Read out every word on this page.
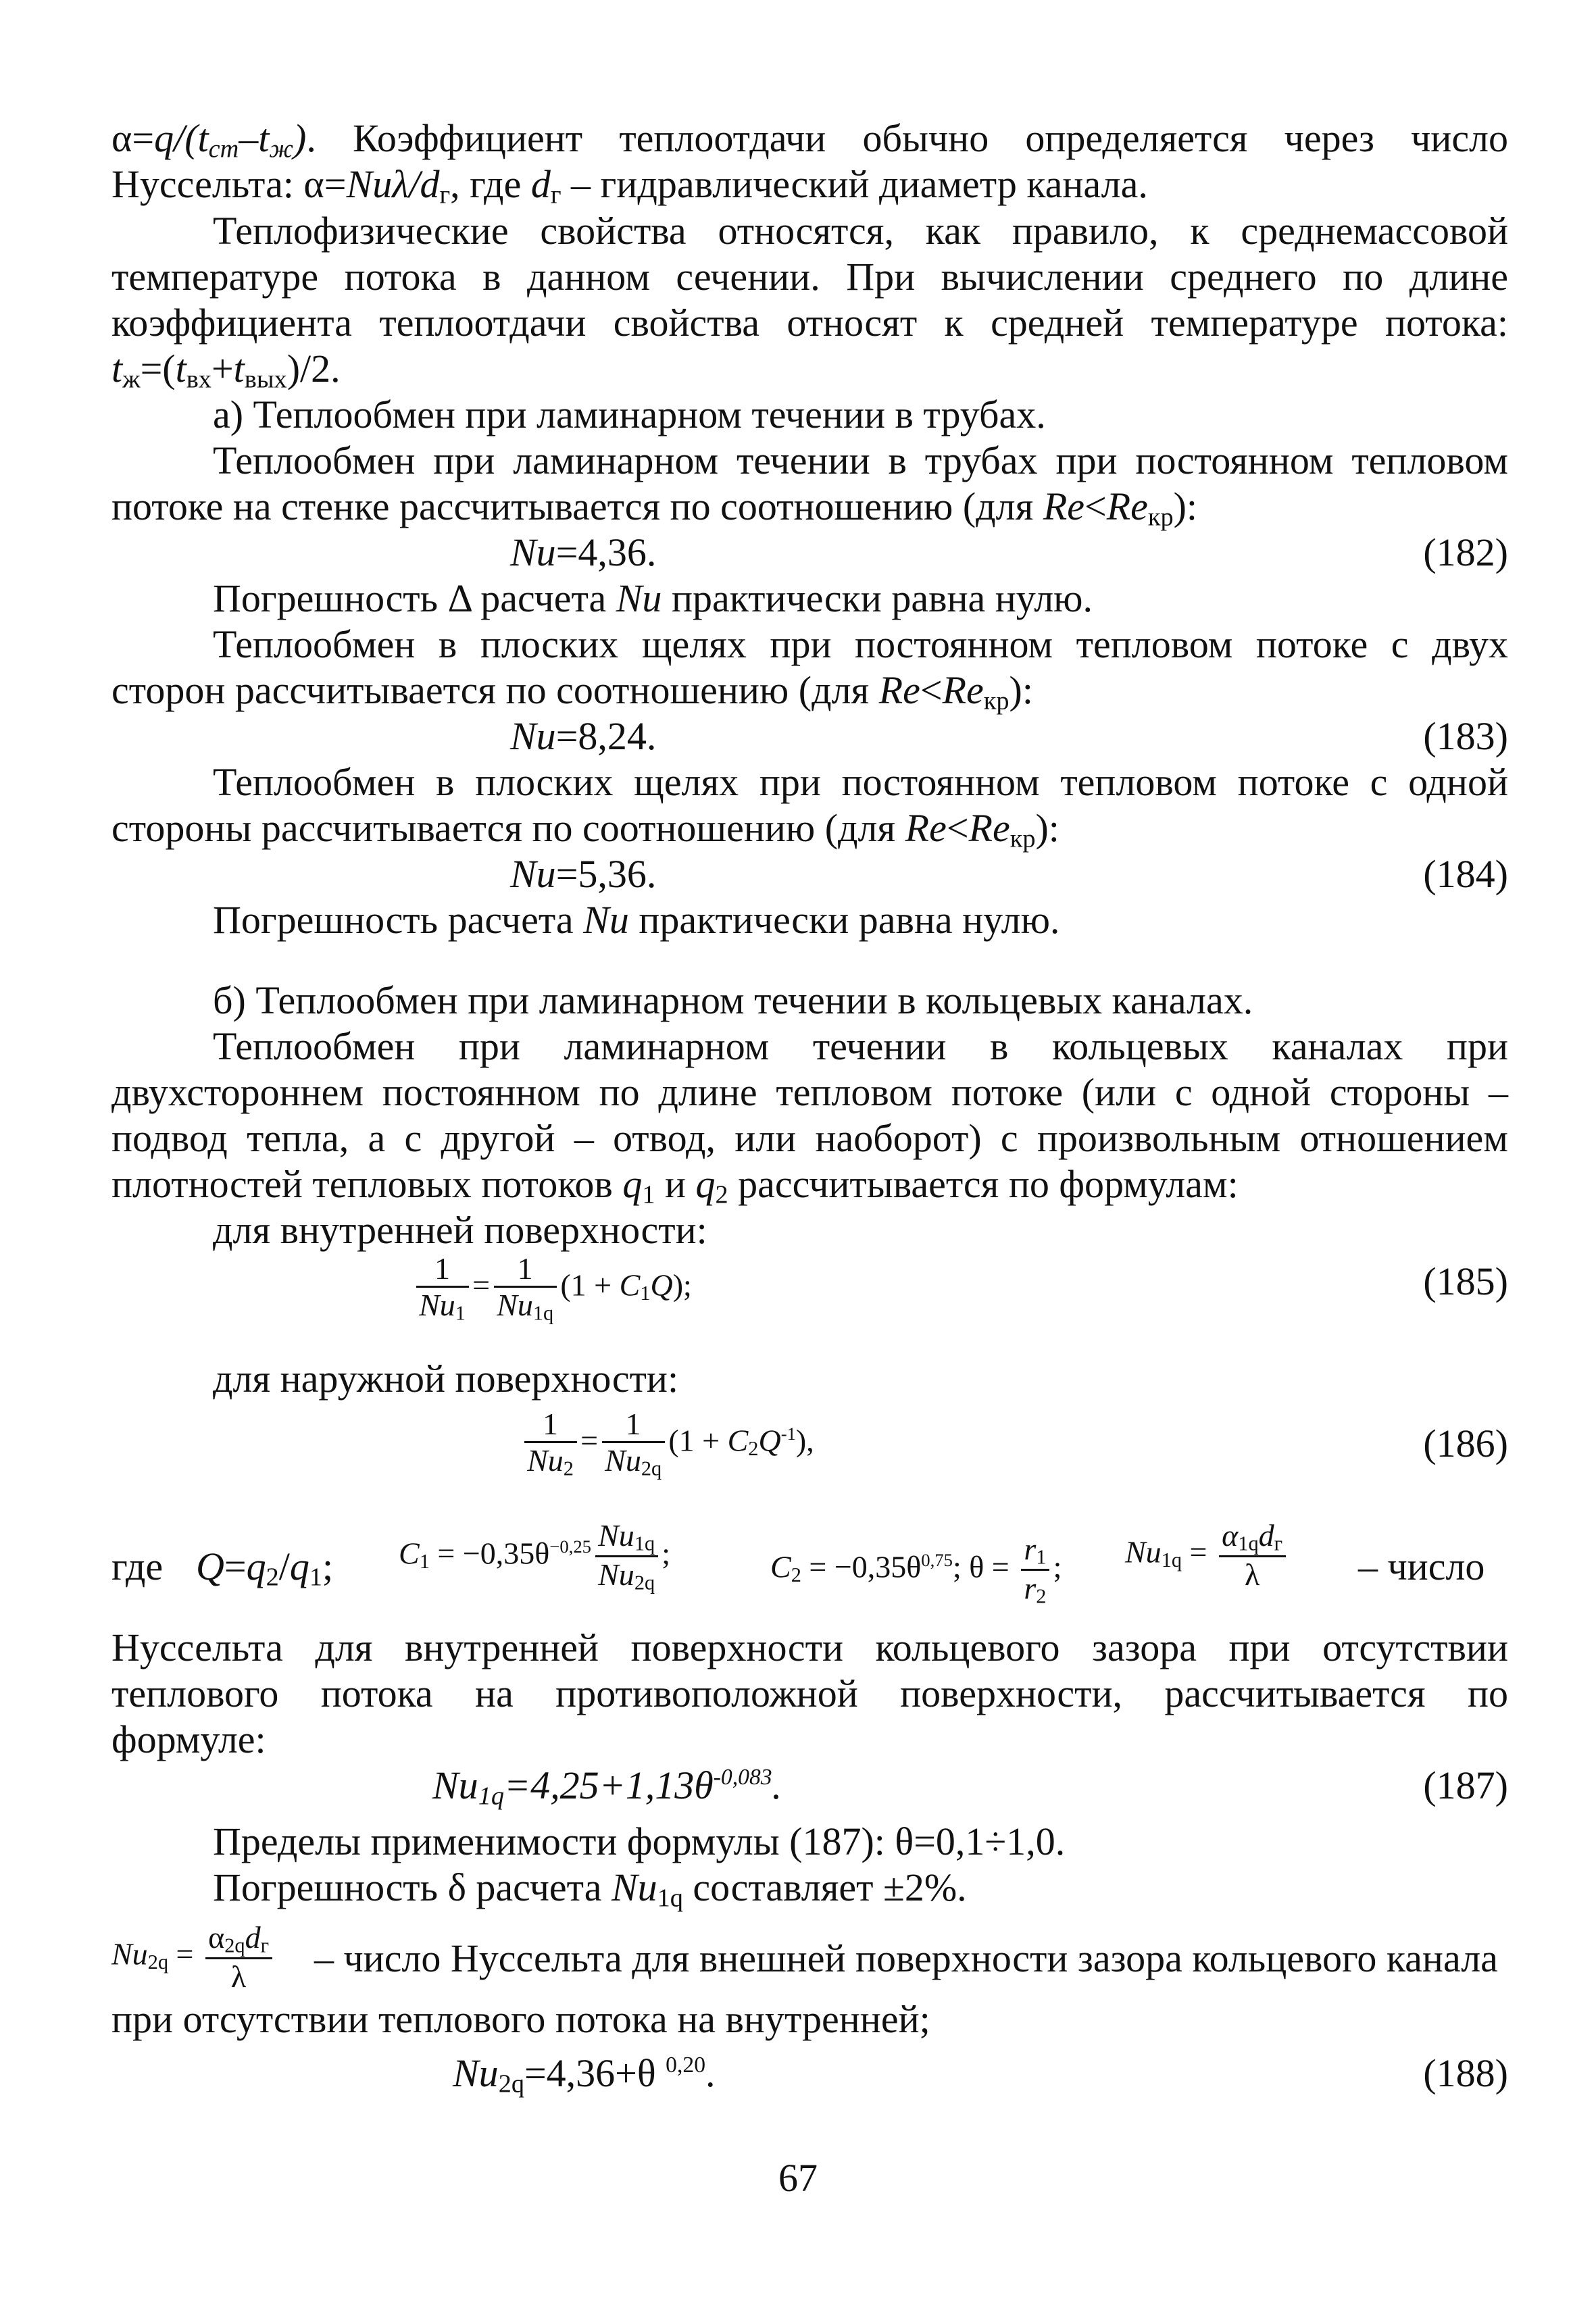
$\alpha=q/(t_{ст}-t_ж)$. Коэффициент теплоотдачи обычно определяется через число
Нуссельта: $\alpha=Nu\lambda/d_г$, где $d_г$ – гидравлический диаметр канала.
Теплофизические свойства относятся, как правило, к среднемассовой
температуре потока в данном сечении. При вычислении среднего по длине
коэффициента теплоотдачи свойства относят к средней температуре потока:
$t_ж=(t_{вх}+t_{вых})/2$.
а) Теплообмен при ламинарном течении в трубах.
Теплообмен при ламинарном течении в трубах при постоянном тепловом
потоке на стенке рассчитывается по соотношению (для $Re<Re_{кр}$):
Nu=4,36.	(182)
Погрешность Δ расчета Nu практически равна нулю.
Теплообмен в плоских щелях при постоянном тепловом потоке с двух
сторон рассчитывается по соотношению (для $Re<Re_{кр}$):
Nu=8,24.	(183)
Теплообмен в плоских щелях при постоянном тепловом потоке с одной
стороны рассчитывается по соотношению (для $Re<Re_{кр}$):
Nu=5,36.	(184)
Погрешность расчета Nu практически равна нулю.
б) Теплообмен при ламинарном течении в кольцевых каналах.
Теплообмен при ламинарном течении в кольцевых каналах при
двухстороннем постоянном по длине тепловом потоке (или с одной стороны –
подвод тепла, а с другой – отвод, или наоборот) с произвольным отношением
плотностей тепловых потоков $q_1$ и $q_2$ рассчитывается по формулам:
для внутренней поверхности:
$\frac{1}{Nu_1} = \frac{1}{Nu_{1q}} (1 + C_1Q)$;	(185)
для наружной поверхности:
$\frac{1}{Nu_2} = \frac{1}{Nu_{2q}} (1 + C_2Q^{-1})$,	(186)
где $Q=q_2/q_1$; $C_1 = -0,35\theta^{-0,25} \frac{Nu_{1q}}{Nu_{2q}}$ ;	$C_2 = -0,35\theta^{0,75}$; $\theta = \frac{r_1}{r_2}$ ; $Nu_{1q} = \frac{\alpha_{1q}d_г}{\lambda}$ – число
Нуссельта для внутренней поверхности кольцевого зазора при отсутствии
теплового потока на противоположной поверхности, рассчитывается по
формуле:
$Nu_{1q}=4,25+1,13\theta^{-0,083}$.	(187)
Пределы применимости формулы (187): θ=0,1÷1,0.
Погрешность δ расчета $Nu_{1q}$ составляет ±2%.
$Nu_{2q} = \frac{\alpha_{2q}d_г}{\lambda}$ – число Нуссельта для внешней поверхности зазора кольцевого канала
при отсутствии теплового потока на внутренней;
$Nu_{2q}=4,36+\theta$ $^{0,20}$.	(188)
67
